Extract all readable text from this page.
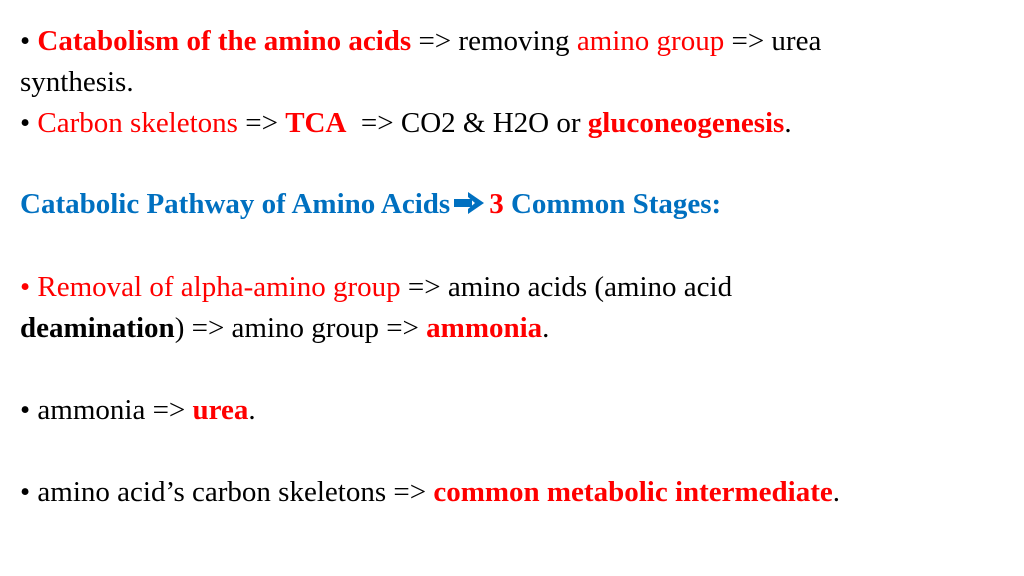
• Catabolism of the amino acids => removing amino group => urea
synthesis.
• Carbon skeletons => TCA  => CO2 & H2O or gluconeogenesis.
Catabolic Pathway of Amino Acids 3 Common Stages:
• Removal of alpha-amino group => amino acids (amino acid
deamination) => amino group => ammonia.
• ammonia => urea.
• amino acid’s carbon skeletons => common metabolic intermediate.
